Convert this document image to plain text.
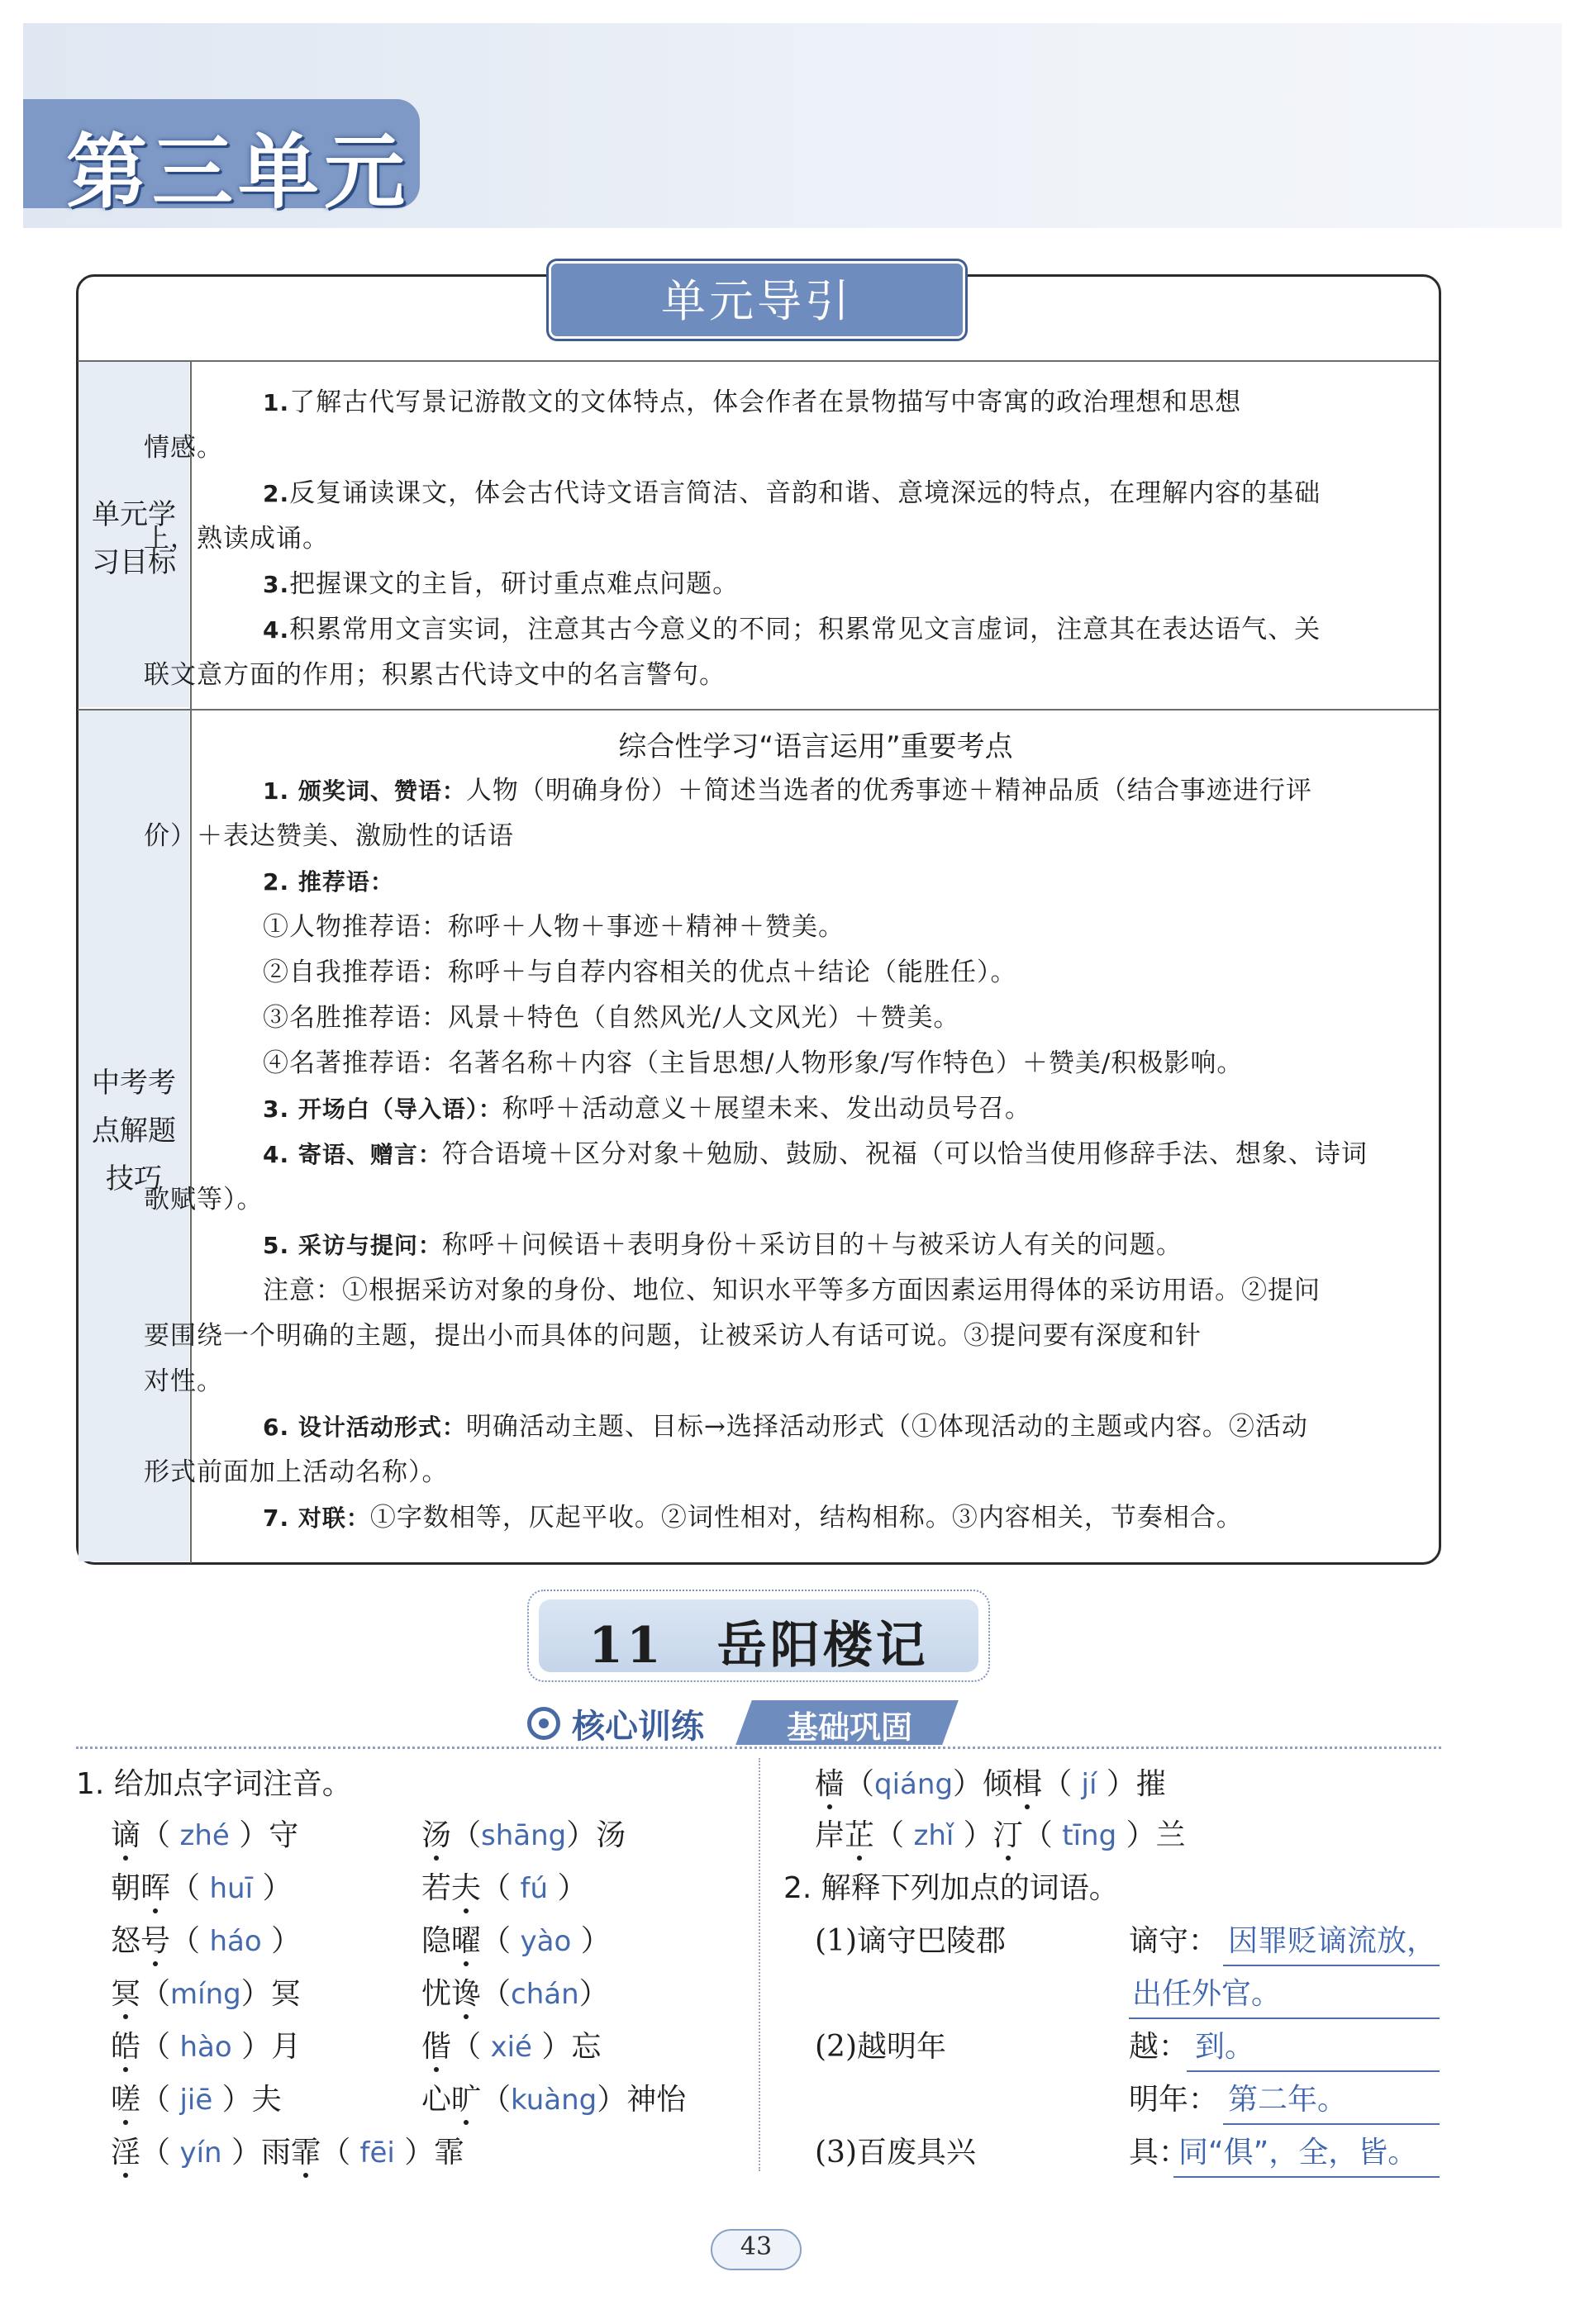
第三单元
单元导引
单元学
习目标
1.了解古代写景记游散文的文体特点，体会作者在景物描写中寄寓的政治理想和思想
情感。
2.反复诵读课文，体会古代诗文语言简洁、音韵和谐、意境深远的特点，在理解内容的基础
上，熟读成诵。
3.把握课文的主旨，研讨重点难点问题。
4.积累常用文言实词，注意其古今意义的不同；积累常见文言虚词，注意其在表达语气、关
联文意方面的作用；积累古代诗文中的名言警句。
中考考
点解题
技巧
综合性学习“语言运用”重要考点
1. 颁奖词、赞语：人物（明确身份）＋简述当选者的优秀事迹＋精神品质（结合事迹进行评
价）＋表达赞美、激励性的话语
2. 推荐语：
①人物推荐语：称呼＋人物＋事迹＋精神＋赞美。
②自我推荐语：称呼＋与自荐内容相关的优点＋结论（能胜任）。
③名胜推荐语：风景＋特色（自然风光/人文风光）＋赞美。
④名著推荐语：名著名称＋内容（主旨思想/人物形象/写作特色）＋赞美/积极影响。
3. 开场白（导入语）：称呼＋活动意义＋展望未来、发出动员号召。
4. 寄语、赠言：符合语境＋区分对象＋勉励、鼓励、祝福（可以恰当使用修辞手法、想象、诗词
歌赋等）。
5. 采访与提问：称呼＋问候语＋表明身份＋采访目的＋与被采访人有关的问题。
注意：①根据采访对象的身份、地位、知识水平等多方面因素运用得体的采访用语。②提问
要围绕一个明确的主题，提出小而具体的问题，让被采访人有话可说。③提问要有深度和针
对性。
6. 设计活动形式：明确活动主题、目标→选择活动形式（①体现活动的主题或内容。②活动
形式前面加上活动名称）。
7. 对联：①字数相等，仄起平收。②词性相对，结构相称。③内容相关，节奏相合。
11　岳阳楼记
核心训练	基础巩固
1. 给加点字词注音。
谪（ zhé ）守	汤（shāng）汤
朝晖（ huī ）	若夫（ fú ）
怒号（ háo ）	隐曜（ yào ）
冥（míng）冥	忧谗（chán）
皓（ hào ）月	偕（ xié ）忘
嗟（ jiē ）夫	心旷（kuàng）神怡
淫（ yín ）雨霏（ fēi ）霏
樯（qiáng）倾楫（ jí ）摧
岸芷（ zhǐ ）汀（ tīng ）兰
2. 解释下列加点的词语。
(1)谪守巴陵郡	谪守： 因罪贬谪流放，
出任外官。
(2)越明年	越： 到。
明年： 第二年。
(3)百废具兴	具：
同“俱”，全，皆。
43
